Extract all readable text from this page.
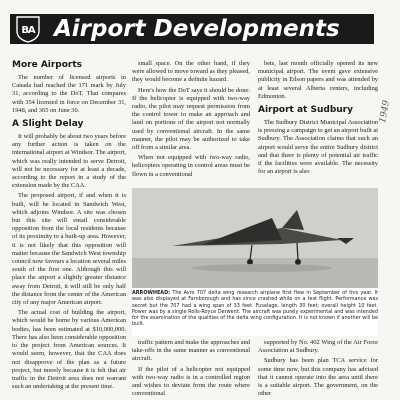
BA Airport Developments
More Airports

The number of licensed airports in Canada had reached the 171 mark by July 31, according to the DoT. That compares with 354 licensed in force on December 31, 1948, and 365 on June 30.

A Slight Delay

It will probably be about two years before any further action is taken on the international airport at Windsor. The airport, which was really intended to serve Detroit, will not be necessary for at least a decade, according to the report in a study of the extension made by the CAA.

The proposed airport, if and when it is built, will be located in Sandwich West, which adjoins Windsor. A site was chosen but this site will entail considerable opposition from the local residents because of its proximity to a built-up area. However, it is not likely that this opposition will matter because the Sandwich West township council now favours a location several miles south of the first one. Although this will place the airport a slightly greater distance away from Detroit, it will still be only half the distance from the center of the American city of any major American airport.

The actual cost of building the airport, which would be borne by various American bodies, has been estimated at $10,000,000. There has also been considerable opposition to the project from American sources. It would seem, however, that the CAA does not disapprove of the plan as a future project, but merely because it is felt that air traffic in the Detroit area does not warrant such an undertaking at the present time.

small space. On the other hand, if they were allowed to move toward as they pleased, they would become a definite hazard.

Here's how the DoT says it should be done: If the helicopter is equipped with two-way radio, the pilot may request permission from the control tower to make an approach and land on portions of the airport not normally used by conventional aircraft. In the same manner, the pilot may be authorized to take off from a similar area.

When not equipped with two-way radio, helicopters operating in control areas must be flown in a conventional

bets, last month officially opened its new municipal airport. The event gave extensive publicity in Edson papers and was attended by at least several Alberta centers, including Edmonton.

Airport at Sudbury

The Sudbury District Municipal Association is pressing a campaign to get an airport built at Sudbury. The Association claims that such an airport would serve the entire Sudbury district and that there is plenty of potential air traffic if the facilities were available. The necessity for an airport is also

ARROWHEAD: The Avro 707 delta wing research airplane first flew in September of this year. It was also displayed at Farnborough and has since crashed while on a test flight. Performance was secret but the 707 had a wing span of 33 feet. Fuselage, length 30 feet; overall height 10 feet. Power was by a single Rolls-Royce Derwent. The aircraft was purely experimental and was intended for the examination of the qualities of the delta wing configuration. It is not known if another will be built.

traffic pattern and make the approaches and take-offs in the same manner as conventional aircraft.

If the pilot of a helicopter not equipped with two-way radio is in a controlled region and wishes to deviate from the route where conventional

supported by No. 402 Wing of the Air Force Association at Sudbury.

Sudbury has been plan TCA service for some time now, but this company has advised that it cannot operate into the area until there is a suitable airport. The government, on the other

1949
